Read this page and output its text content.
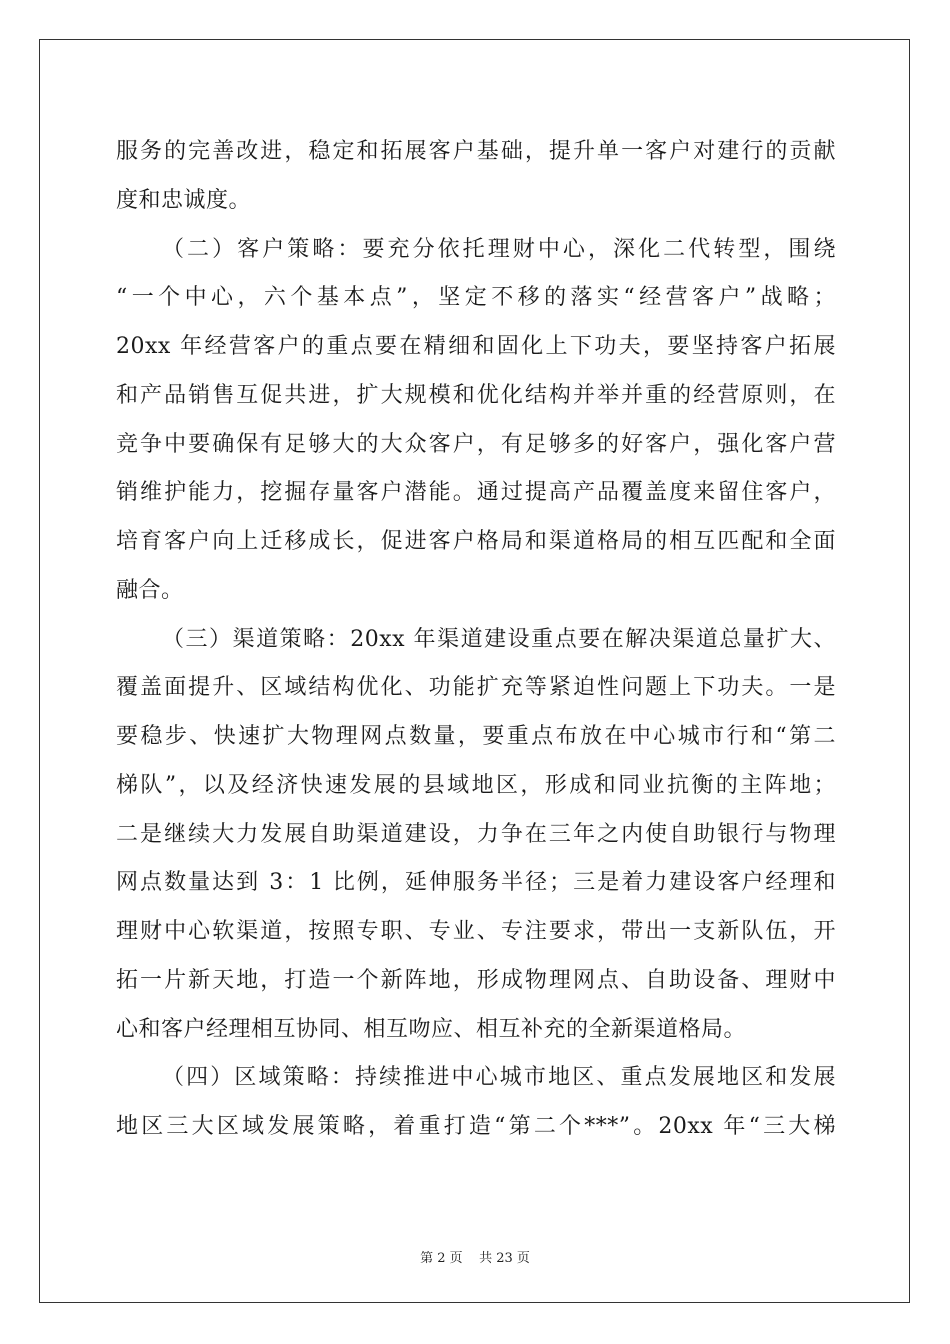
服务的完善改进，稳定和拓展客户基础，提升单一客户对建行的贡献
度和忠诚度。
（二）客户策略：要充分依托理财中心，深化二代转型，围绕
“一个中心，六个基本点”，坚定不移的落实“经营客户”战略；
20xx 年经营客户的重点要在精细和固化上下功夫，要坚持客户拓展
和产品销售互促共进，扩大规模和优化结构并举并重的经营原则，在
竞争中要确保有足够大的大众客户，有足够多的好客户，强化客户营
销维护能力，挖掘存量客户潜能。通过提高产品覆盖度来留住客户，
培育客户向上迁移成长，促进客户格局和渠道格局的相互匹配和全面
融合。
（三）渠道策略：20xx 年渠道建设重点要在解决渠道总量扩大、
覆盖面提升、区域结构优化、功能扩充等紧迫性问题上下功夫。一是
要稳步、快速扩大物理网点数量，要重点布放在中心城市行和“第二
梯队”，以及经济快速发展的县域地区，形成和同业抗衡的主阵地；
二是继续大力发展自助渠道建设，力争在三年之内使自助银行与物理
网点数量达到 3：1 比例，延伸服务半径；三是着力建设客户经理和
理财中心软渠道，按照专职、专业、专注要求，带出一支新队伍，开
拓一片新天地，打造一个新阵地，形成物理网点、自助设备、理财中
心和客户经理相互协同、相互吻应、相互补充的全新渠道格局。
（四）区域策略：持续推进中心城市地区、重点发展地区和发展
地区三大区域发展策略，着重打造“第二个***”。20xx 年“三大梯
第 2 页    共 23 页
